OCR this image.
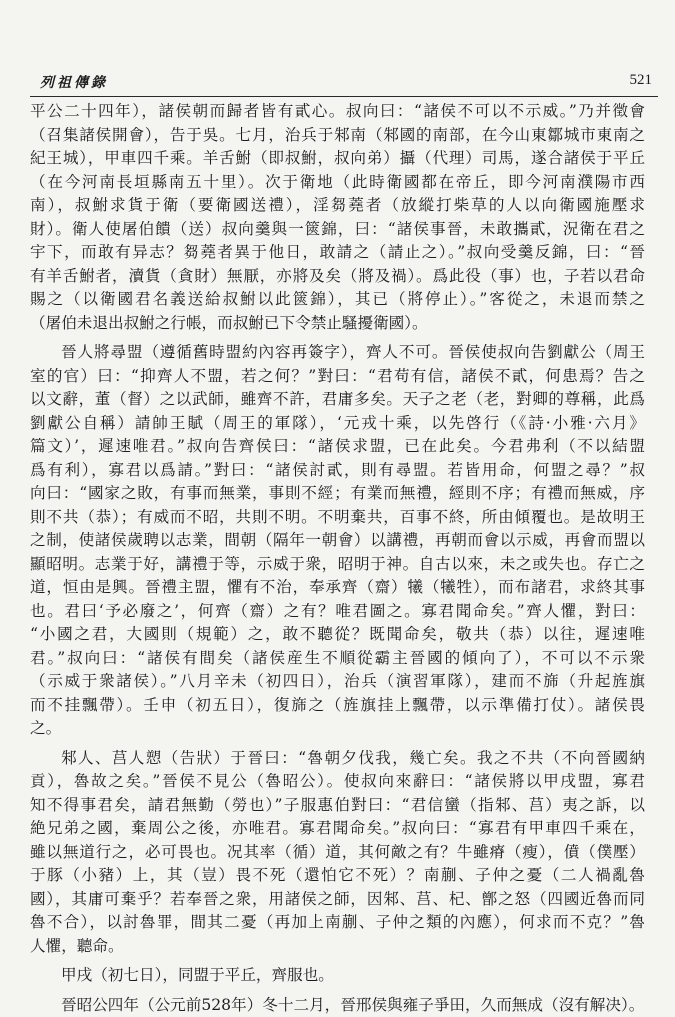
列祖傳錄	521
平公二十四年），諸侯朝而歸者皆有貳心。叔向曰：“諸侯不可以不示威。”乃并徵會
（召集諸侯開會），告于吳。七月，治兵于邾南（邾國的南部，在今山東鄒城市東南之
紀王城），甲車四千乘。羊舌鮒（即叔鮒，叔向弟）攝（代理）司馬，遂合諸侯于平丘
（在今河南長垣縣南五十里）。次于衛地（此時衛國都在帝丘，即今河南濮陽市西
南），叔鮒求貨于衛（要衛國送禮），淫芻蕘者（放縱打柴草的人以向衛國施壓求
財）。衛人使屠伯饋（送）叔向羹與一篋錦，曰：“諸侯事晉，未敢攜貳，況衛在君之
宇下，而敢有异志？芻蕘者異于他日，敢請之（請止之）。”叔向受羹反錦，曰：“晉
有羊舌鮒者，瀆貨（貪財）無厭，亦將及矣（將及禍）。爲此役（事）也，子若以君命
賜之（以衛國君名義送給叔鮒以此篋錦），其已（將停止）。”客從之，未退而禁之
（屠伯未退出叔鮒之行帳，而叔鮒已下令禁止騷擾衛國）。
晉人將尋盟（遵循舊時盟約內容再簽字），齊人不可。晉侯使叔向告劉獻公（周王
室的官）曰：“抑齊人不盟，若之何？”對曰：“君苟有信，諸侯不貳，何患焉？告之
以文辭，董（督）之以武師，雖齊不許，君庸多矣。天子之老（老，對卿的尊稱，此爲
劉獻公自稱）請帥王賦（周王的軍隊），‘元戎十乘，以先啓行（《詩·小雅·六月》
篇文）’，遲速唯君。”叔向告齊侯曰：“諸侯求盟，已在此矣。今君弗利（不以結盟
爲有利），寡君以爲請。”對曰：“諸侯討貳，則有尋盟。若皆用命，何盟之尋？”叔
向曰：“國家之敗，有事而無業，事則不經；有業而無禮，經則不序；有禮而無威，序
則不共（恭）；有威而不昭，共則不明。不明棄共，百事不終，所由傾覆也。是故明王
之制，使諸侯歲聘以志業，間朝（隔年一朝會）以講禮，再朝而會以示威，再會而盟以
顯昭明。志業于好，講禮于等，示威于衆，昭明于神。自古以來，未之或失也。存亡之
道，恒由是興。晉禮主盟，懼有不治，奉承齊（齋）犧（犧牲），而布諸君，求終其事
也。君曰‘予必廢之’，何齊（齋）之有？唯君圖之。寡君聞命矣。”齊人懼，對曰：
“小國之君，大國則（規範）之，敢不聽從？既聞命矣，敬共（恭）以往，遲速唯
君。”叔向曰：“諸侯有間矣（諸侯産生不順從霸主晉國的傾向了），不可以不示衆
（示威于衆諸侯）。”八月辛未（初四日），治兵（演習軍隊），建而不旆（升起旌旗
而不挂飄帶）。壬申（初五日），復旆之（旌旗挂上飄帶，以示準備打仗）。諸侯畏
之。
邾人、莒人愬（告狀）于晉曰：“魯朝夕伐我，幾亡矣。我之不共（不向晉國納
貢），魯故之矣。”晉侯不見公（魯昭公）。使叔向來辭曰：“諸侯將以甲戌盟，寡君
知不得事君矣，請君無勤（勞也）”子服惠伯對曰：“君信蠻（指邾、莒）夷之訴，以
絶兄弟之國，棄周公之後，亦唯君。寡君聞命矣。”叔向曰：“寡君有甲車四千乘在，
雖以無道行之，必可畏也。况其率（循）道，其何敵之有？牛雖瘠（瘦），僨（僕壓）
于豚（小豬）上，其（豈）畏不死（還怕它不死）？南蒯、子仲之憂（二人禍亂魯
國），其庸可棄乎？若奉晉之衆，用諸侯之師，因邾、莒、杞、鄫之怒（四國近魯而同
魯不合），以討魯罪，間其二憂（再加上南蒯、子仲之類的內應），何求而不克？”魯
人懼，聽命。
甲戌（初七日），同盟于平丘，齊服也。
晉昭公四年（公元前528年）冬十二月，晉邢侯與雍子爭田，久而無成（沒有解决）。
